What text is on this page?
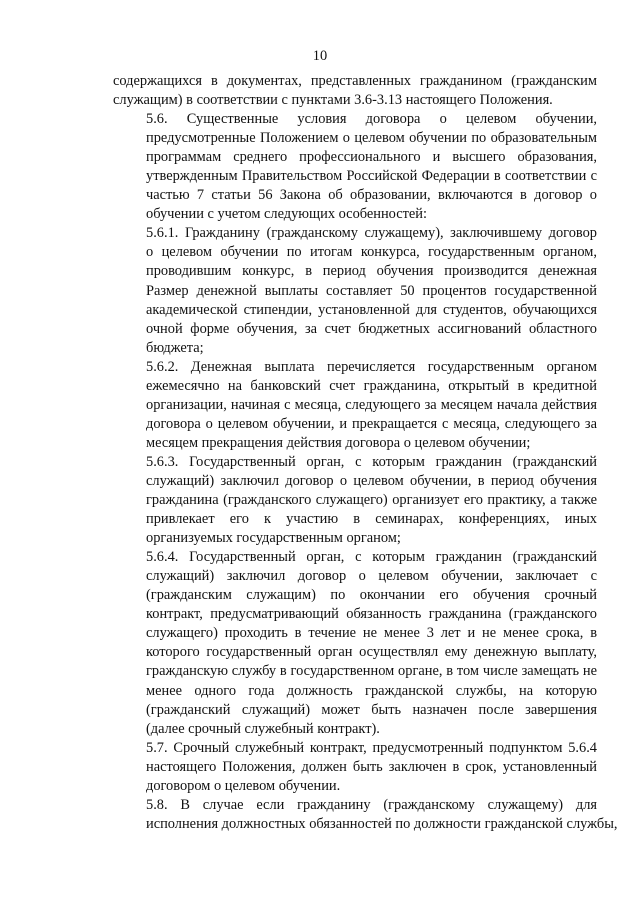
10
содержащихся в документах, представленных гражданином (гражданским
служащим) в соответствии с пунктами 3.6-3.13 настоящего Положения.
5.6. Существенные условия договора о целевом обучении,
предусмотренные Положением о целевом обучении по образовательным
программам среднего профессионального и высшего образования,
утвержденным Правительством Российской Федерации в соответствии с
частью 7 статьи 56 Закона об образовании, включаются в договор о
обучении с учетом следующих особенностей:
5.6.1. Гражданину (гражданскому служащему), заключившему договор
о целевом обучении по итогам конкурса, государственным органом,
проводившим конкурс, в период обучения производится денежная
Размер денежной выплаты составляет 50 процентов государственной
академической стипендии, установленной для студентов, обучающихся
очной форме обучения, за счет бюджетных ассигнований областного
бюджета;
5.6.2. Денежная выплата перечисляется государственным органом
ежемесячно на банковский счет гражданина, открытый в кредитной
организации, начиная с месяца, следующего за месяцем начала действия
договора о целевом обучении, и прекращается с месяца, следующего за
месяцем прекращения действия договора о целевом обучении;
5.6.3. Государственный орган, с которым гражданин (гражданский
служащий) заключил договор о целевом обучении, в период обучения
гражданина (гражданского служащего) организует его практику, а также
привлекает его к участию в семинарах, конференциях, иных
организуемых государственным органом;
5.6.4. Государственный орган, с которым гражданин (гражданский
служащий) заключил договор о целевом обучении, заключает с
(гражданским служащим) по окончании его обучения срочный
контракт, предусматривающий обязанность гражданина (гражданского
служащего) проходить в течение не менее 3 лет и не менее срока, в
которого государственный орган осуществлял ему денежную выплату,
гражданскую службу в государственном органе, в том числе замещать не
менее одного года должность гражданской службы, на которую
(гражданский служащий) может быть назначен после завершения
(далее срочный служебный контракт).
5.7. Срочный служебный контракт, предусмотренный подпунктом 5.6.4
настоящего Положения, должен быть заключен в срок, установленный
договором о целевом обучении.
5.8. В случае если гражданину (гражданскому служащему) для
исполнения должностных обязанностей по должности гражданской службы,
